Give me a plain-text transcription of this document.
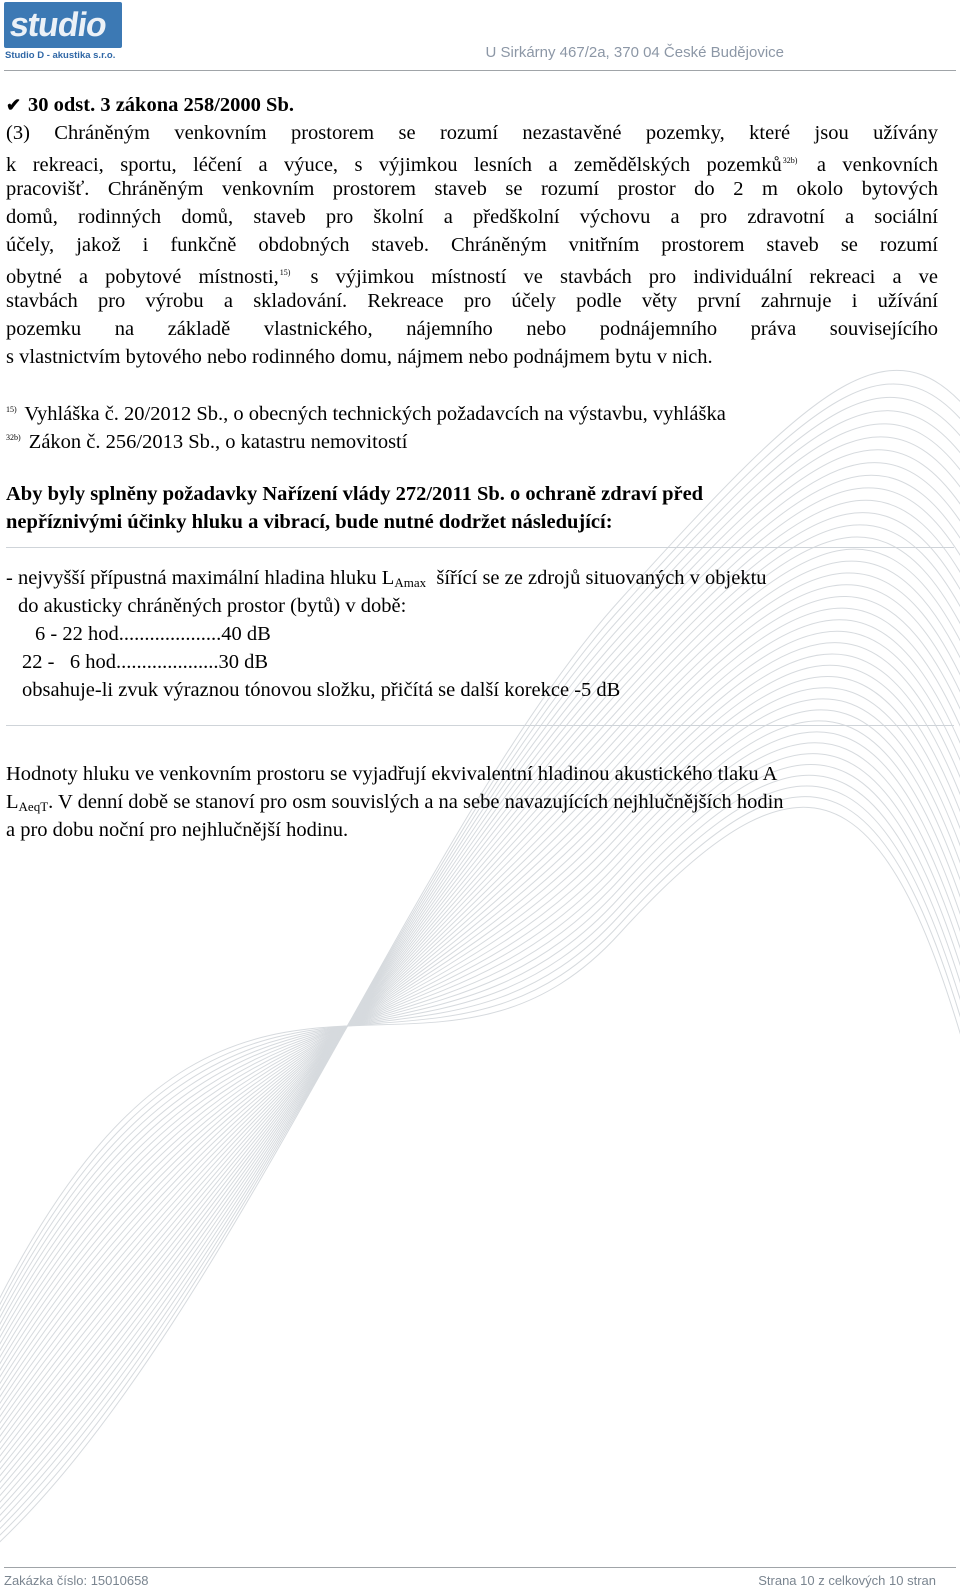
studio
Studio D - akustika s.r.o.	U Sirkárny 467/2a, 370 04 České Budějovice
✔ 30 odst. 3 zákona 258/2000 Sb.
(3) Chráněným venkovním prostorem se rozumí nezastavěné pozemky, které jsou užívány
k rekreaci, sportu, léčení a výuce, s výjimkou lesních a zemědělských pozemků$^{32b)}$ a venkovních
pracovišť. Chráněným venkovním prostorem staveb se rozumí prostor do 2 m okolo bytových
domů, rodinných domů, staveb pro školní a předškolní výchovu a pro zdravotní a sociální
účely, jakož i funkčně obdobných staveb. Chráněným vnitřním prostorem staveb se rozumí
obytné a pobytové místnosti,$^{15)}$ s výjimkou místností ve stavbách pro individuální rekreaci a ve
stavbách pro výrobu a skladování. Rekreace pro účely podle věty první zahrnuje i užívání
pozemku na základě vlastnického, nájemního nebo podnájemního práva souvisejícího
s vlastnictvím bytového nebo rodinného domu, nájmem nebo podnájmem bytu v nich.
$^{15)}$ Vyhláška č. 20/2012 Sb., o obecných technických požadavcích na výstavbu, vyhláška
$^{32b)}$ Zákon č. 256/2013 Sb., o katastru nemovitostí
Aby byly splněny požadavky Nařízení vlády 272/2011 Sb. o ochraně zdraví před
nepříznivými účinky hluku a vibrací, bude nutné dodržet následující:
- nejvyšší přípustná maximální hladina hluku $L_{Amax}$  šířící se ze zdrojů situovaných v objektu
do akusticky chráněných prostor (bytů) v době:
6 - 22 hod....................40 dB
22 -   6 hod....................30 dB
obsahuje-li zvuk výraznou tónovou složku, přičítá se další korekce -5 dB
Hodnoty hluku ve venkovním prostoru se vyjadřují ekvivalentní hladinou akustického tlaku A
$L_{AeqT}$. V denní době se stanoví pro osm souvislých a na sebe navazujících nejhlučnějších hodin
a pro dobu noční pro nejhlučnější hodinu.
Zakázka číslo: 15010658	Strana 10 z celkových 10 stran
